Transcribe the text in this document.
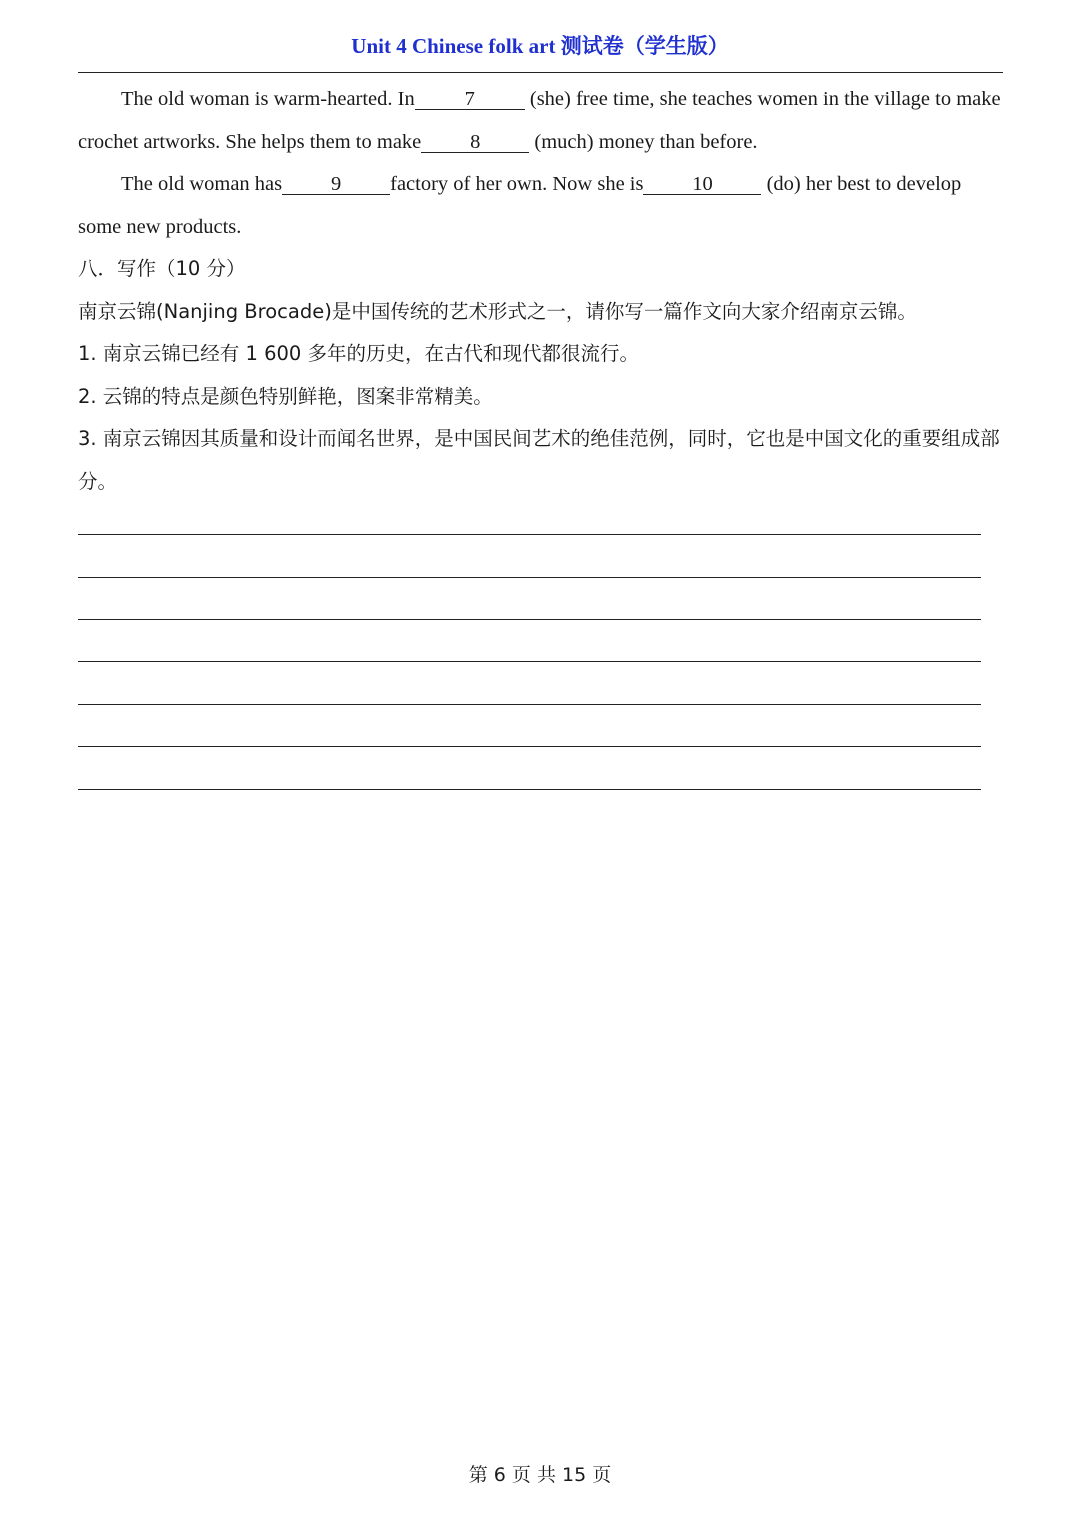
Unit 4 Chinese folk art 测试卷（学生版）

The old woman is warm-hearted. In 7 (she) free time, she teaches women in the village to make crochet artworks. She helps them to make 8 (much) money than before.

The old woman has 9 factory of her own. Now she is 10 (do) her best to develop some new products.

八．写作（10 分）

南京云锦(Nanjing Brocade)是中国传统的艺术形式之一，请你写一篇作文向大家介绍南京云锦。

1. 南京云锦已经有 1 600 多年的历史，在古代和现代都很流行。

2. 云锦的特点是颜色特别鲜艳，图案非常精美。

3. 南京云锦因其质量和设计而闻名世界，是中国民间艺术的绝佳范例，同时，它也是中国文化的重要组成部分。

第 6 页 共 15 页
